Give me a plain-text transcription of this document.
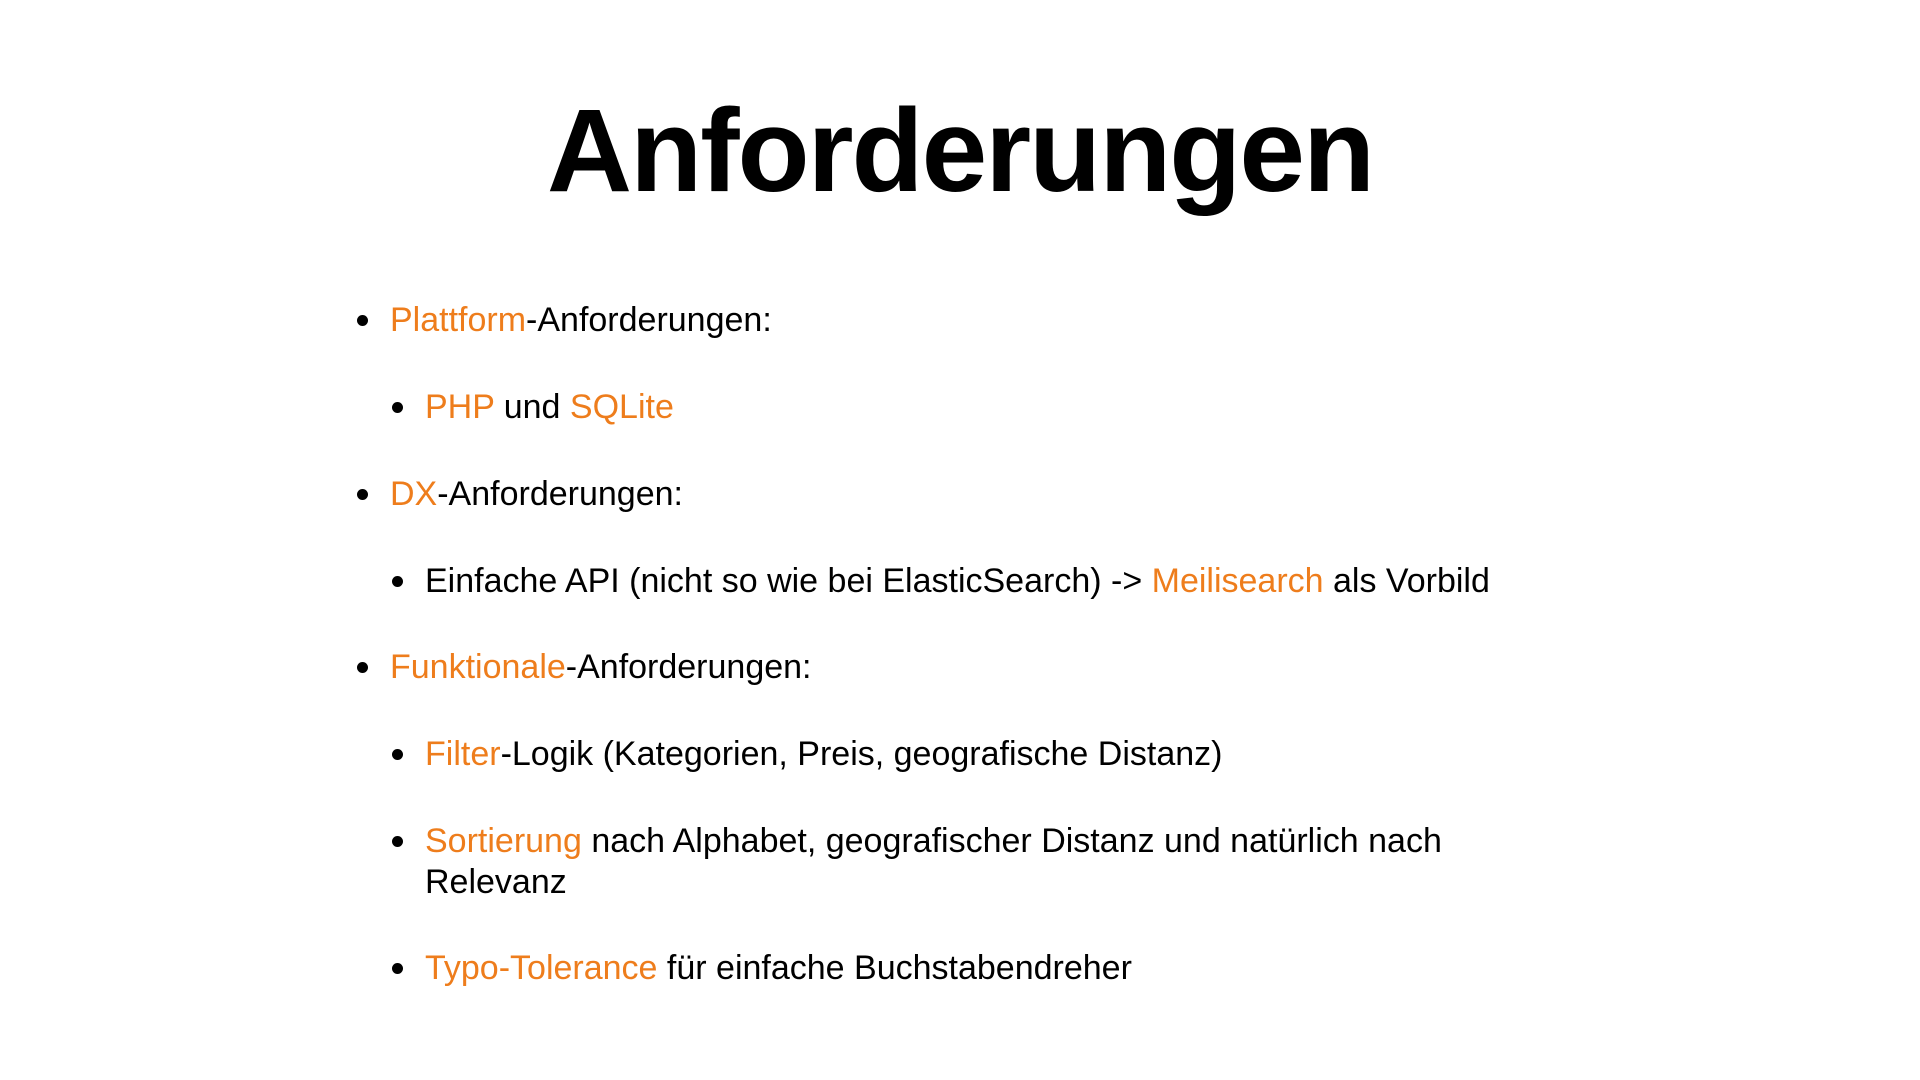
Anforderungen
Plattform-Anforderungen:
PHP und SQLite
DX-Anforderungen:
Einfache API (nicht so wie bei ElasticSearch) -> Meilisearch als Vorbild
Funktionale-Anforderungen:
Filter-Logik (Kategorien, Preis, geografische Distanz)
Sortierung nach Alphabet, geografischer Distanz und natürlich nach
Relevanz
Typo-Tolerance für einfache Buchstabendreher
